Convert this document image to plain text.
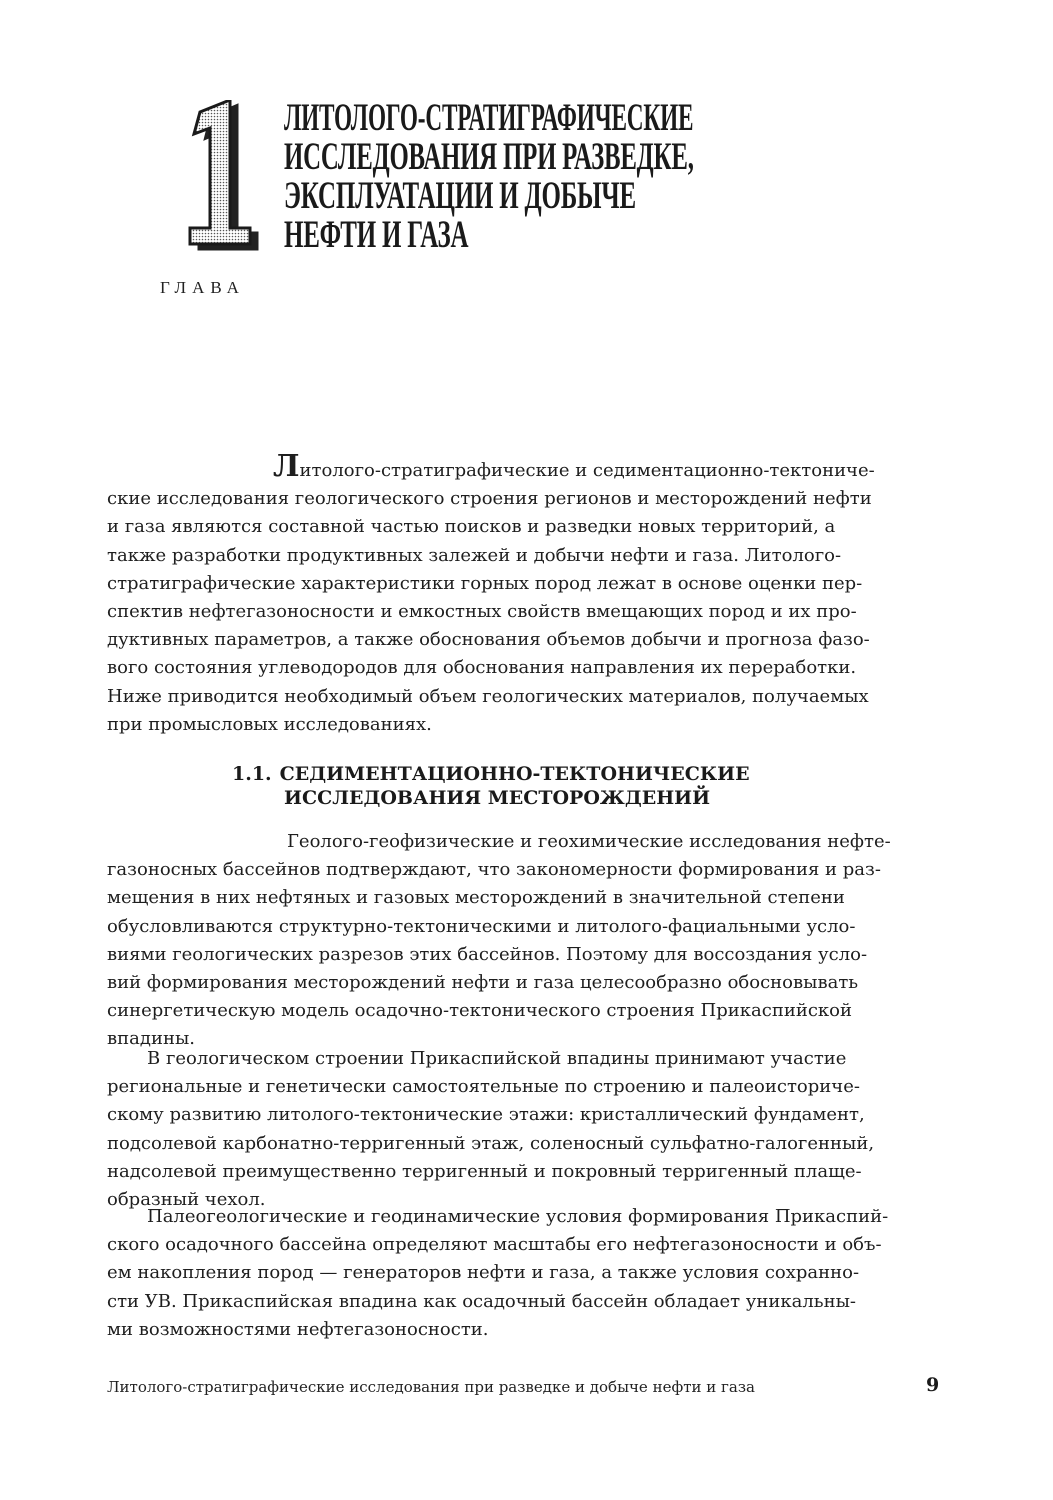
ЛИТОЛОГО-СТРАТИГРАФИЧЕСКИЕ
ИССЛЕДОВАНИЯ ПРИ РАЗВЕДКЕ,
ЭКСПЛУАТАЦИИ И ДОБЫЧЕ
НЕФТИ И ГАЗА
ГЛАВА
Литолого-стратиграфические и седиментационно-тектониче-
ские исследования геологического строения регионов и месторождений нефти
и газа являются составной частью поисков и разведки новых территорий, а
также разработки продуктивных залежей и добычи нефти и газа. Литолого-
стратиграфические характеристики горных пород лежат в основе оценки пер-
спектив нефтегазоносности и емкостных свойств вмещающих пород и их про-
дуктивных параметров, а также обоснования объемов добычи и прогноза фазо-
вого состояния углеводородов для обоснования направления их переработки.
Ниже приводится необходимый объем геологических материалов, получаемых
при промысловых исследованиях.
1.1. СЕДИМЕНТАЦИОННО-ТЕКТОНИЧЕСКИЕ
ИССЛЕДОВАНИЯ МЕСТОРОЖДЕНИЙ
Геолого-геофизические и геохимические исследования нефте-
газоносных бассейнов подтверждают, что закономерности формирования и раз-
мещения в них нефтяных и газовых месторождений в значительной степени
обусловливаются структурно-тектоническими и литолого-фациальными усло-
виями геологических разрезов этих бассейнов. Поэтому для воссоздания усло-
вий формирования месторождений нефти и газа целесообразно обосновывать
синергетическую модель осадочно-тектонического строения Прикаспийской
впадины.
В геологическом строении Прикаспийской впадины принимают участие
региональные и генетически самостоятельные по строению и палеоисториче-
скому развитию литолого-тектонические этажи: кристаллический фундамент,
подсолевой карбонатно-терригенный этаж, соленосный сульфатно-галогенный,
надсолевой преимущественно терригенный и покровный терригенный плаще-
образный чехол.
Палеогеологические и геодинамические условия формирования Прикаспий-
ского осадочного бассейна определяют масштабы его нефтегазоносности и объ-
ем накопления пород — генераторов нефти и газа, а также условия сохранно-
сти УВ. Прикаспийская впадина как осадочный бассейн обладает уникальны-
ми возможностями нефтегазоносности.
Литолого-стратиграфические исследования при разведке и добыче нефти и газа	9
